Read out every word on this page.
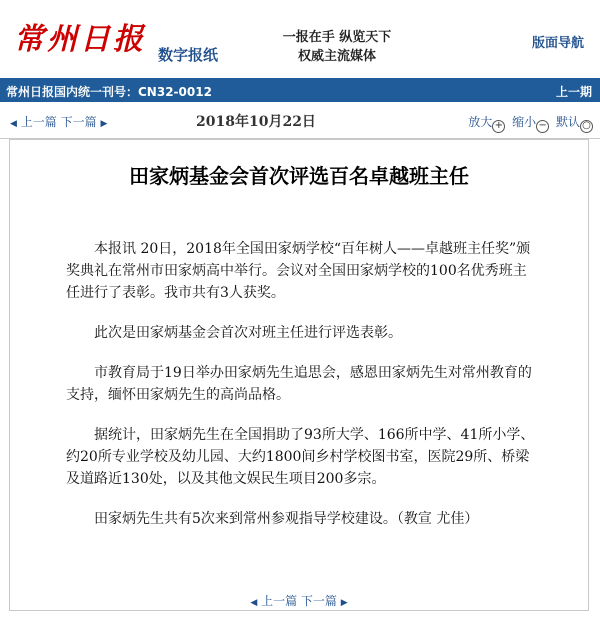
常州日报 数字报纸
一报在手 纵览天下
权威主流媒体
版面导航
常州日报国内统一刊号：CN32-0012	上一期
◀ 上一篇 下一篇 ▶	2018年10月22日	放大 + 缩小 − 默认 ○
田家炳基金会首次评选百名卓越班主任

本报讯 20日，2018年全国田家炳学校“百年树人——卓越班主任奖”颁奖典礼在常州市田家炳高中举行。会议对全国田家炳学校的100名优秀班主任进行了表彰。我市共有3人获奖。

此次是田家炳基金会首次对班主任进行评选表彰。

市教育局于19日举办田家炳先生追思会，感恩田家炳先生对常州教育的支持，缅怀田家炳先生的高尚品格。

据统计，田家炳先生在全国捐助了93所大学、166所中学、41所小学、约20所专业学校及幼儿园、大约1800间乡村学校图书室，医院29所、桥梁及道路近130处，以及其他文娱民生项目200多宗。

田家炳先生共有5次来到常州参观指导学校建设。（教宣 尤佳）

◀ 上一篇 下一篇 ▶
